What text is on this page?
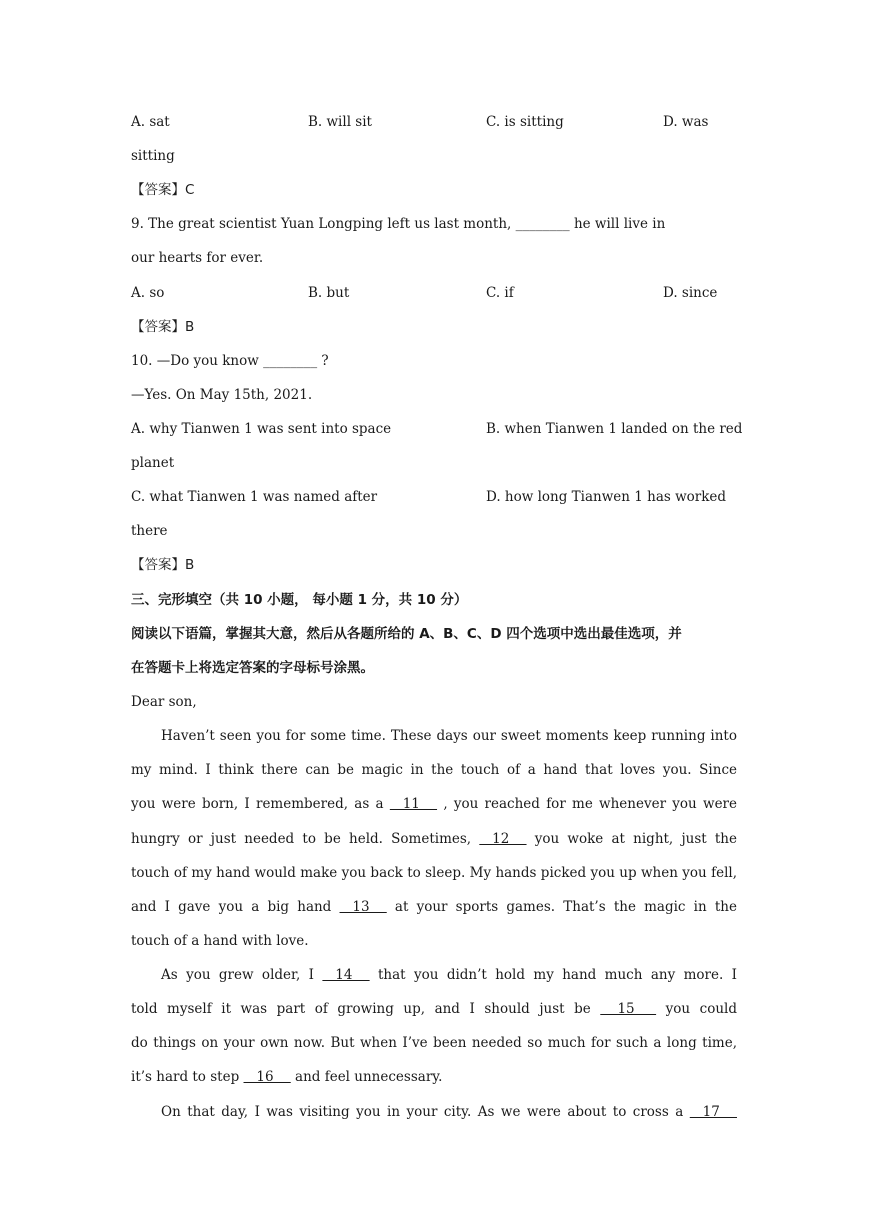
A. sat	B. will sit	C. is sitting	D. was
sitting
【答案】C
9. The great scientist Yuan Longping left us last month, ________ he will live in
our hearts for ever.
A. so	B. but	C. if	D. since
【答案】B
10. —Do you know ________ ?
—Yes. On May 15th, 2021.
A. why Tianwen 1 was sent into space	B. when Tianwen 1 landed on the red
planet
C. what Tianwen 1 was named after	D. how long Tianwen 1 has worked
there
【答案】B
三、完形填空（共 10 小题， 每小题 1 分，共 10 分）
阅读以下语篇，掌握其大意，然后从各题所给的 A、B、C、D 四个选项中选出最佳选项，并
在答题卡上将选定答案的字母标号涂黑。
Dear son,
Haven’t seen you for some time. These days our sweet moments keep running into
my mind. I think there can be magic in the touch of a hand that loves you. Since
you were born, I remembered, as a    11     , you reached for me whenever you were
hungry or just needed to be held. Sometimes,    12     you woke at night, just the
touch of my hand would make you back to sleep. My hands picked you up when you fell,
and I gave you a big hand    13     at your sports games. That’s the magic in the
touch of a hand with love.
As you grew older, I    14     that you didn’t hold my hand much any more. I
told myself it was part of growing up, and I should just be     15      you could
do things on your own now. But when I’ve been needed so much for such a long time,
it’s hard to step    16     and feel unnecessary.
On that day, I was visiting you in your city. As we were about to cross a    17
